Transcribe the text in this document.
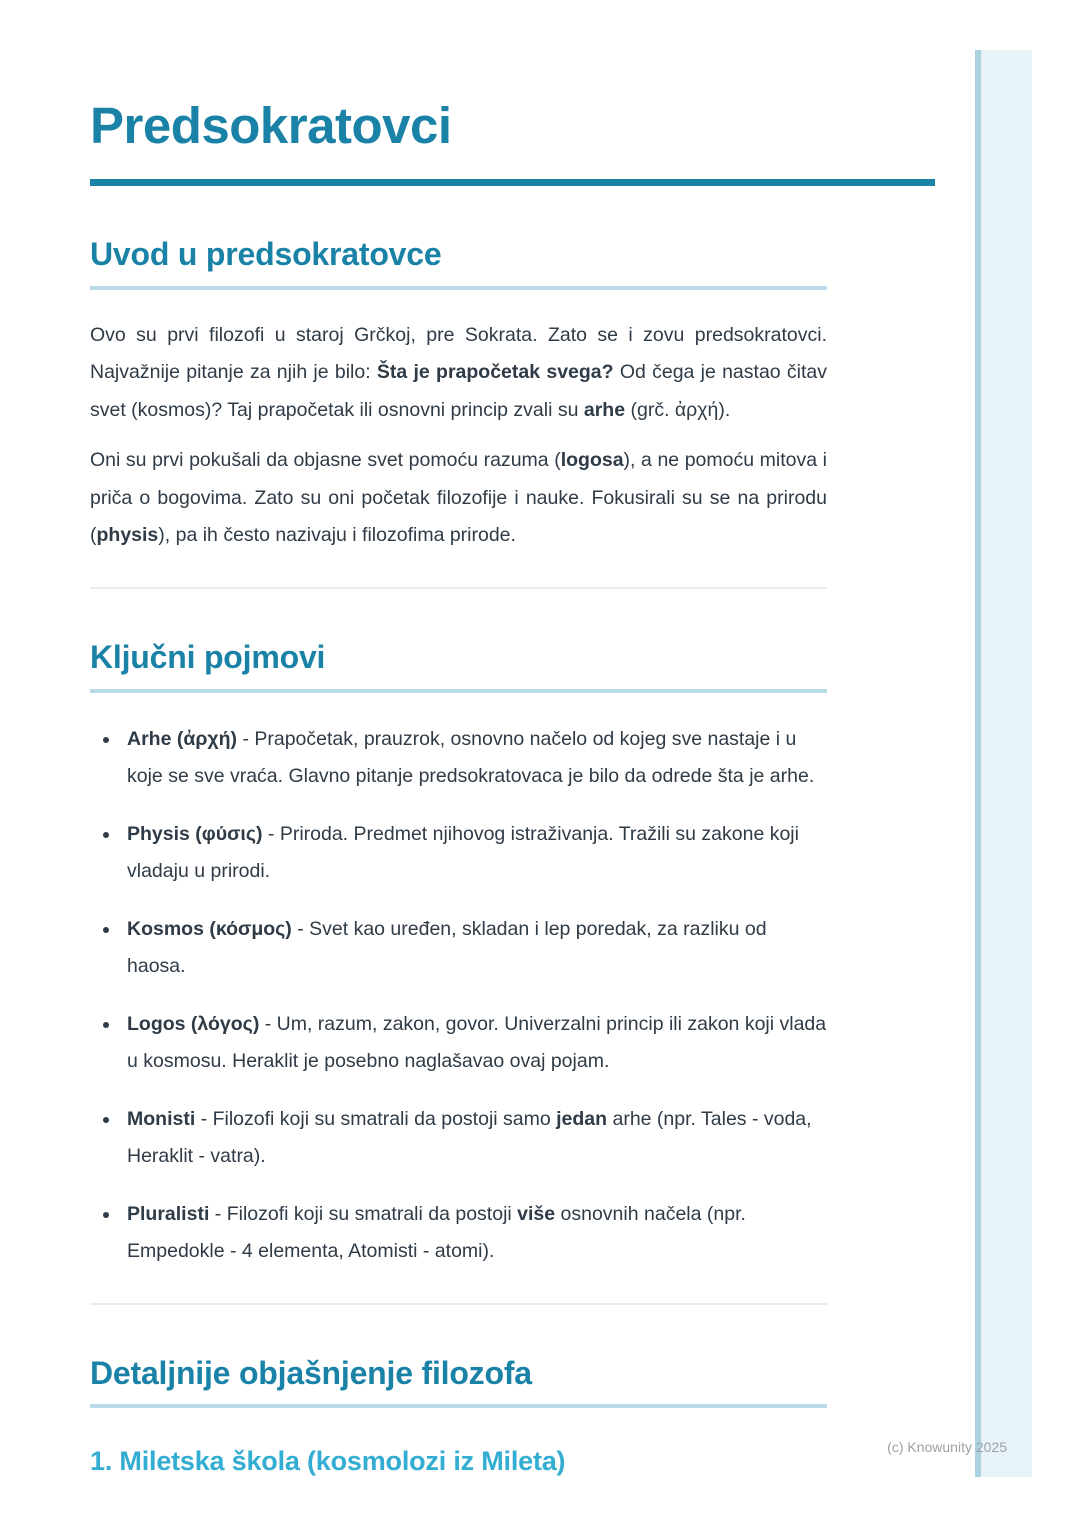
Predsokratovci
Uvod u predsokratovce

Ovo su prvi filozofi u staroj Grčkoj, pre Sokrata. Zato se i zovu predsokratovci. Najvažnije pitanje za njih je bilo: Šta je prapočetak svega? Od čega je nastao čitav svet (kosmos)? Taj prapočetak ili osnovni princip zvali su arhe (grč. ἀρχή).

Oni su prvi pokušali da objasne svet pomoću razuma (logosa), a ne pomoću mitova i priča o bogovima. Zato su oni početak filozofije i nauke. Fokusirali su se na prirodu (physis), pa ih često nazivaju i filozofima prirode.

Ključni pojmovi
Arhe (ἀρχή) - Prapočetak, prauzrok, osnovno načelo od kojeg sve nastaje i u koje se sve vraća. Glavno pitanje predsokratovaca je bilo da odrede šta je arhe.
Physis (φύσις) - Priroda. Predmet njihovog istraživanja. Tražili su zakone koji vladaju u prirodi.
Kosmos (κόσμος) - Svet kao uređen, skladan i lep poredak, za razliku od haosa.
Logos (λόγος) - Um, razum, zakon, govor. Univerzalni princip ili zakon koji vlada u kosmosu. Heraklit je posebno naglašavao ovaj pojam.
Monisti - Filozofi koji su smatrali da postoji samo jedan arhe (npr. Tales - voda, Heraklit - vatra).
Pluralisti - Filozofi koji su smatrali da postoji više osnovnih načela (npr. Empedokle - 4 elementa, Atomisti - atomi).
Detaljnije objašnjenje filozofa
1. Miletska škola (kosmolozi iz Mileta)	(c) Knowunity 2025
